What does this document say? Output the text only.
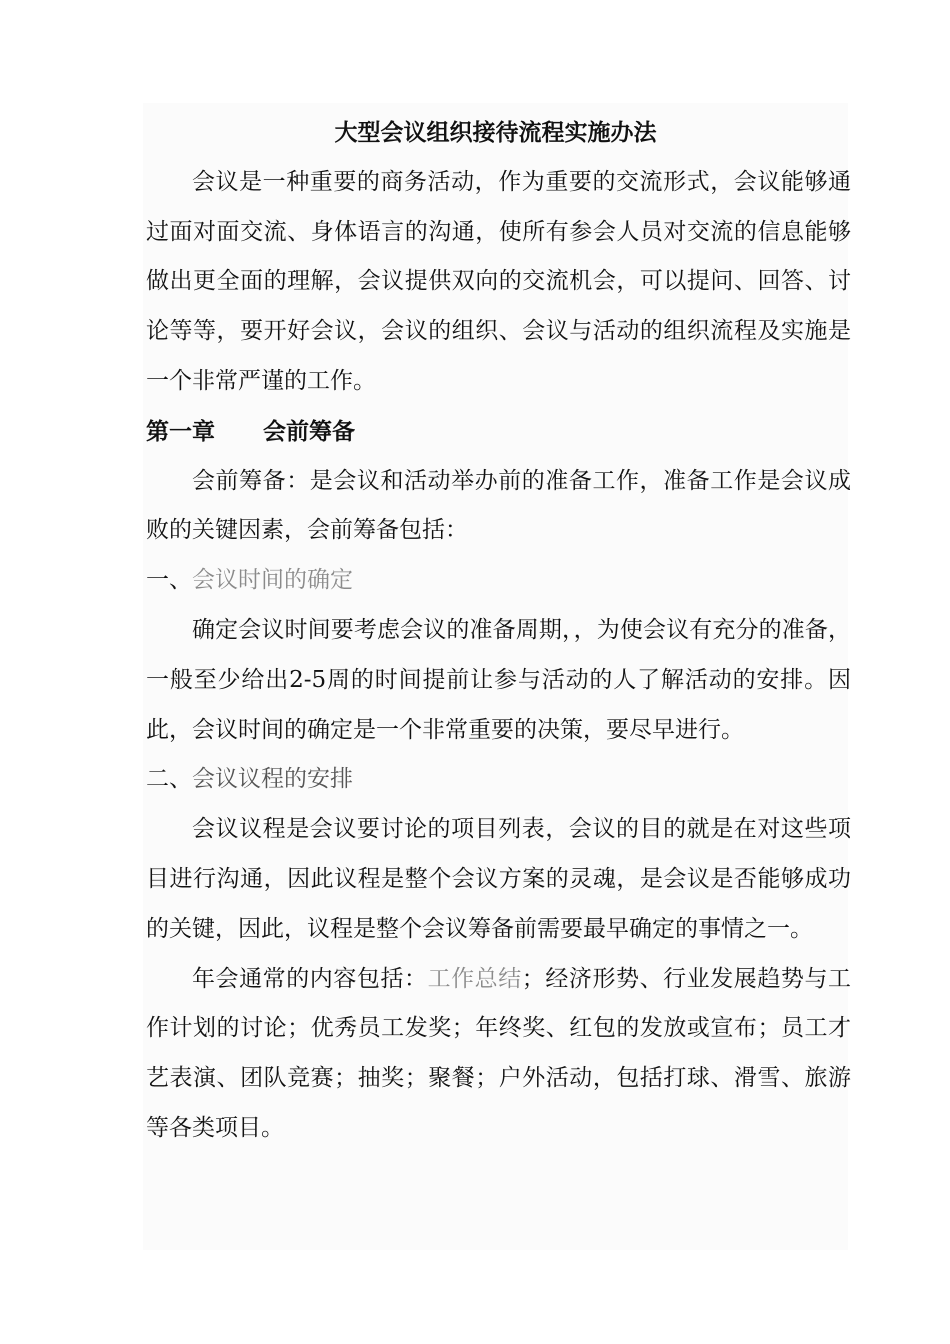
大型会议组织接待流程实施办法

会议是一种重要的商务活动，作为重要的交流形式，会议能够通过面对面交流、身体语言的沟通，使所有参会人员对交流的信息能够做出更全面的理解，会议提供双向的交流机会，可以提问、回答、讨论等等，要开好会议，会议的组织、会议与活动的组织流程及实施是一个非常严谨的工作。

第一章      会前筹备

会前筹备：是会议和活动举办前的准备工作，准备工作是会议成败的关键因素，会前筹备包括：

一、会议时间的确定

确定会议时间要考虑会议的准备周期，，为使会议有充分的准备，一般至少给出2-5周的时间提前让参与活动的人了解活动的安排。因此，会议时间的确定是一个非常重要的决策，要尽早进行。

二、会议议程的安排

会议议程是会议要讨论的项目列表，会议的目的就是在对这些项目进行沟通，因此议程是整个会议方案的灵魂，是会议是否能够成功的关键，因此，议程是整个会议筹备前需要最早确定的事情之一。

年会通常的内容包括：工作总结；经济形势、行业发展趋势与工作计划的讨论；优秀员工发奖；年终奖、红包的发放或宣布；员工才艺表演、团队竞赛；抽奖；聚餐；户外活动，包括打球、滑雪、旅游等各类项目。
